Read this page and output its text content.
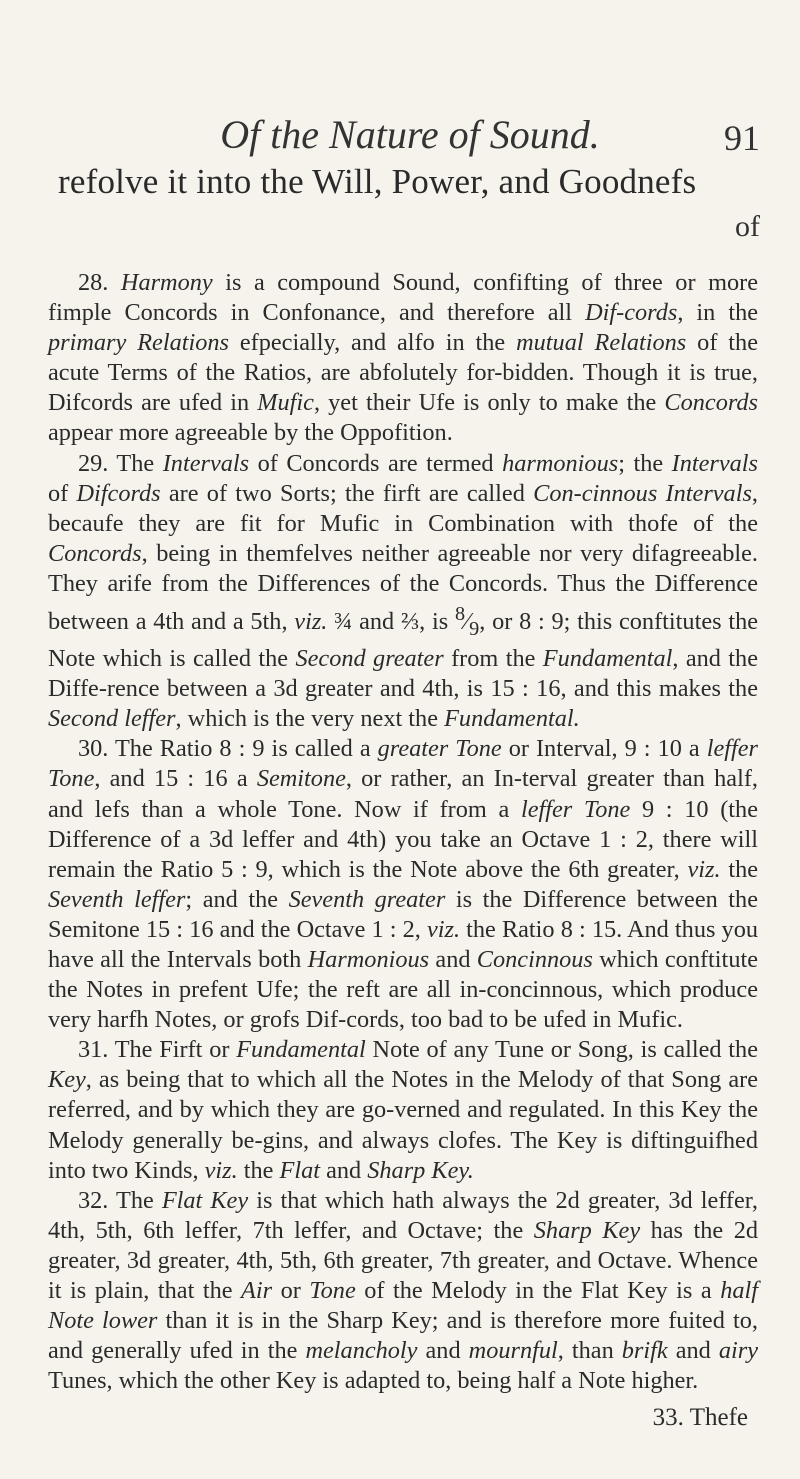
Of the Nature of Sound.	91
refolve it into the Will, Power, and Goodnefs
of

28. Harmony is a compound Sound, confifting of three or more fimple Concords in Confonance, and therefore all Dif-cords, in the primary Relations efpecially, and alfo in the mutual Relations of the acute Terms of the Ratios, are abfolutely for-bidden. Though it is true, Difcords are ufed in Mufic, yet their Ufe is only to make the Concords appear more agreeable by the Oppofition.

29. The Intervals of Concords are termed harmonious; the Intervals of Difcords are of two Sorts; the firft are called Con-cinnous Intervals, becaufe they are fit for Mufic in Combination with thofe of the Concords, being in themfelves neither agreeable nor very difagreeable. They arife from the Differences of the Concords. Thus the Difference between a 4th and a 5th, viz. ¾ and ⅔, is $^8⁄_9$, or 8 : 9; this conftitutes the Note which is called the Second greater from the Fundamental, and the Diffe-rence between a 3d greater and 4th, is 15 : 16, and this makes the Second leffer, which is the very next the Fundamental.

30. The Ratio 8 : 9 is called a greater Tone or Interval, 9 : 10 a leffer Tone, and 15 : 16 a Semitone, or rather, an In-terval greater than half, and lefs than a whole Tone. Now if from a leffer Tone 9 : 10 (the Difference of a 3d leffer and 4th) you take an Octave 1 : 2, there will remain the Ratio 5 : 9, which is the Note above the 6th greater, viz. the Seventh leffer; and the Seventh greater is the Difference between the Semitone 15 : 16 and the Octave 1 : 2, viz. the Ratio 8 : 15. And thus you have all the Intervals both Harmonious and Concinnous which conftitute the Notes in prefent Ufe; the reft are all in-concinnous, which produce very harfh Notes, or grofs Dif-cords, too bad to be ufed in Mufic.

31. The Firft or Fundamental Note of any Tune or Song, is called the Key, as being that to which all the Notes in the Melody of that Song are referred, and by which they are go-verned and regulated. In this Key the Melody generally be-gins, and always clofes. The Key is diftinguifhed into two Kinds, viz. the Flat and Sharp Key.

32. The Flat Key is that which hath always the 2d greater, 3d leffer, 4th, 5th, 6th leffer, 7th leffer, and Octave; the Sharp Key has the 2d greater, 3d greater, 4th, 5th, 6th greater, 7th greater, and Octave. Whence it is plain, that the Air or Tone of the Melody in the Flat Key is a half Note lower than it is in the Sharp Key; and is therefore more fuited to, and generally ufed in the melancholy and mournful, than brifk and airy Tunes, which the other Key is adapted to, being half a Note higher.

33. Thefe
